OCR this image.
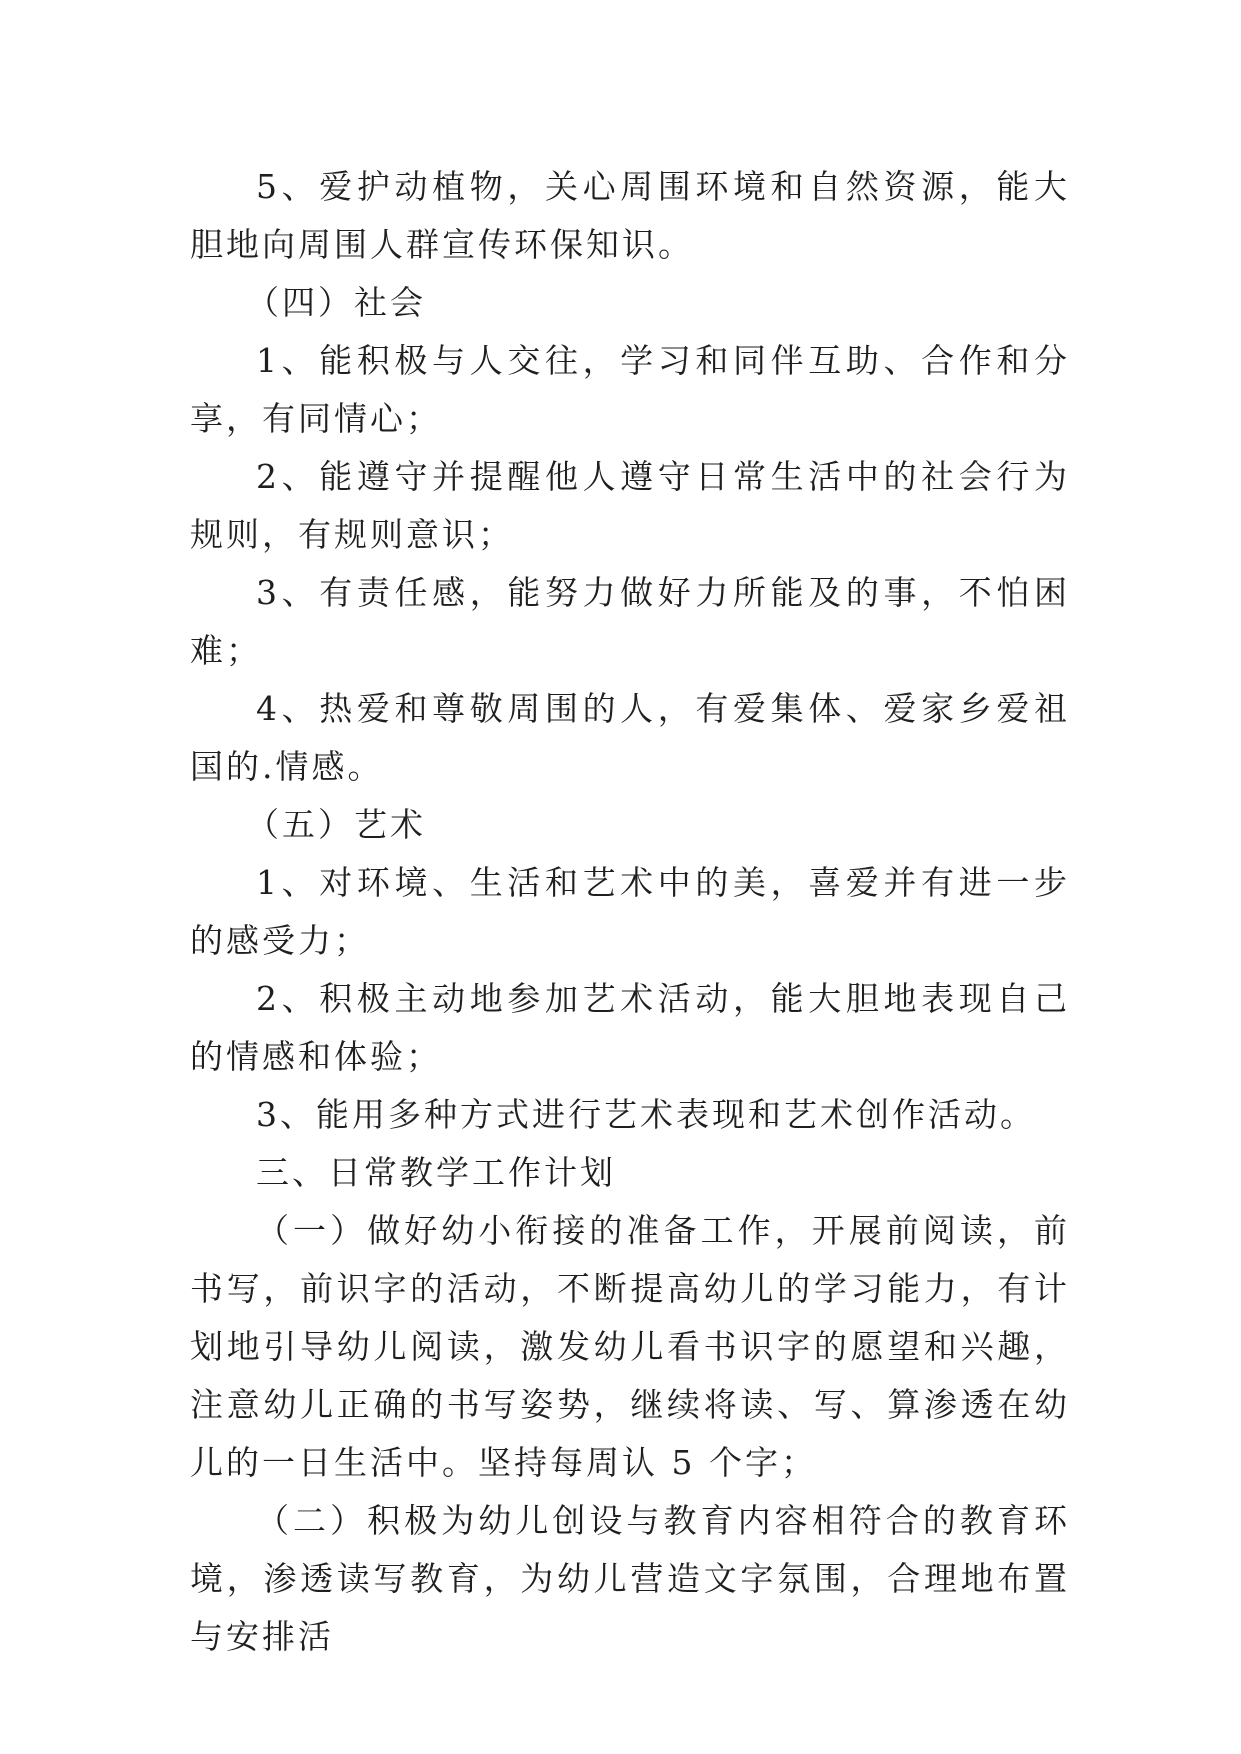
5、爱护动植物，关心周围环境和自然资源，能大胆地向周围人群宣传环保知识。

（四）社会

1、能积极与人交往，学习和同伴互助、合作和分享，有同情心；

2、能遵守并提醒他人遵守日常生活中的社会行为规则，有规则意识；

3、有责任感，能努力做好力所能及的事，不怕困难；

4、热爱和尊敬周围的人，有爱集体、爱家乡爱祖国的.情感。

（五）艺术

1、对环境、生活和艺术中的美，喜爱并有进一步的感受力；

2、积极主动地参加艺术活动，能大胆地表现自己的情感和体验；

3、能用多种方式进行艺术表现和艺术创作活动。

三、日常教学工作计划

（一）做好幼小衔接的准备工作，开展前阅读，前书写，前识字的活动，不断提高幼儿的学习能力，有计划地引导幼儿阅读，激发幼儿看书识字的愿望和兴趣，注意幼儿正确的书写姿势，继续将读、写、算渗透在幼儿的一日生活中。坚持每周认 5 个字；

（二）积极为幼儿创设与教育内容相符合的教育环境，渗透读写教育，为幼儿营造文字氛围，合理地布置与安排活
